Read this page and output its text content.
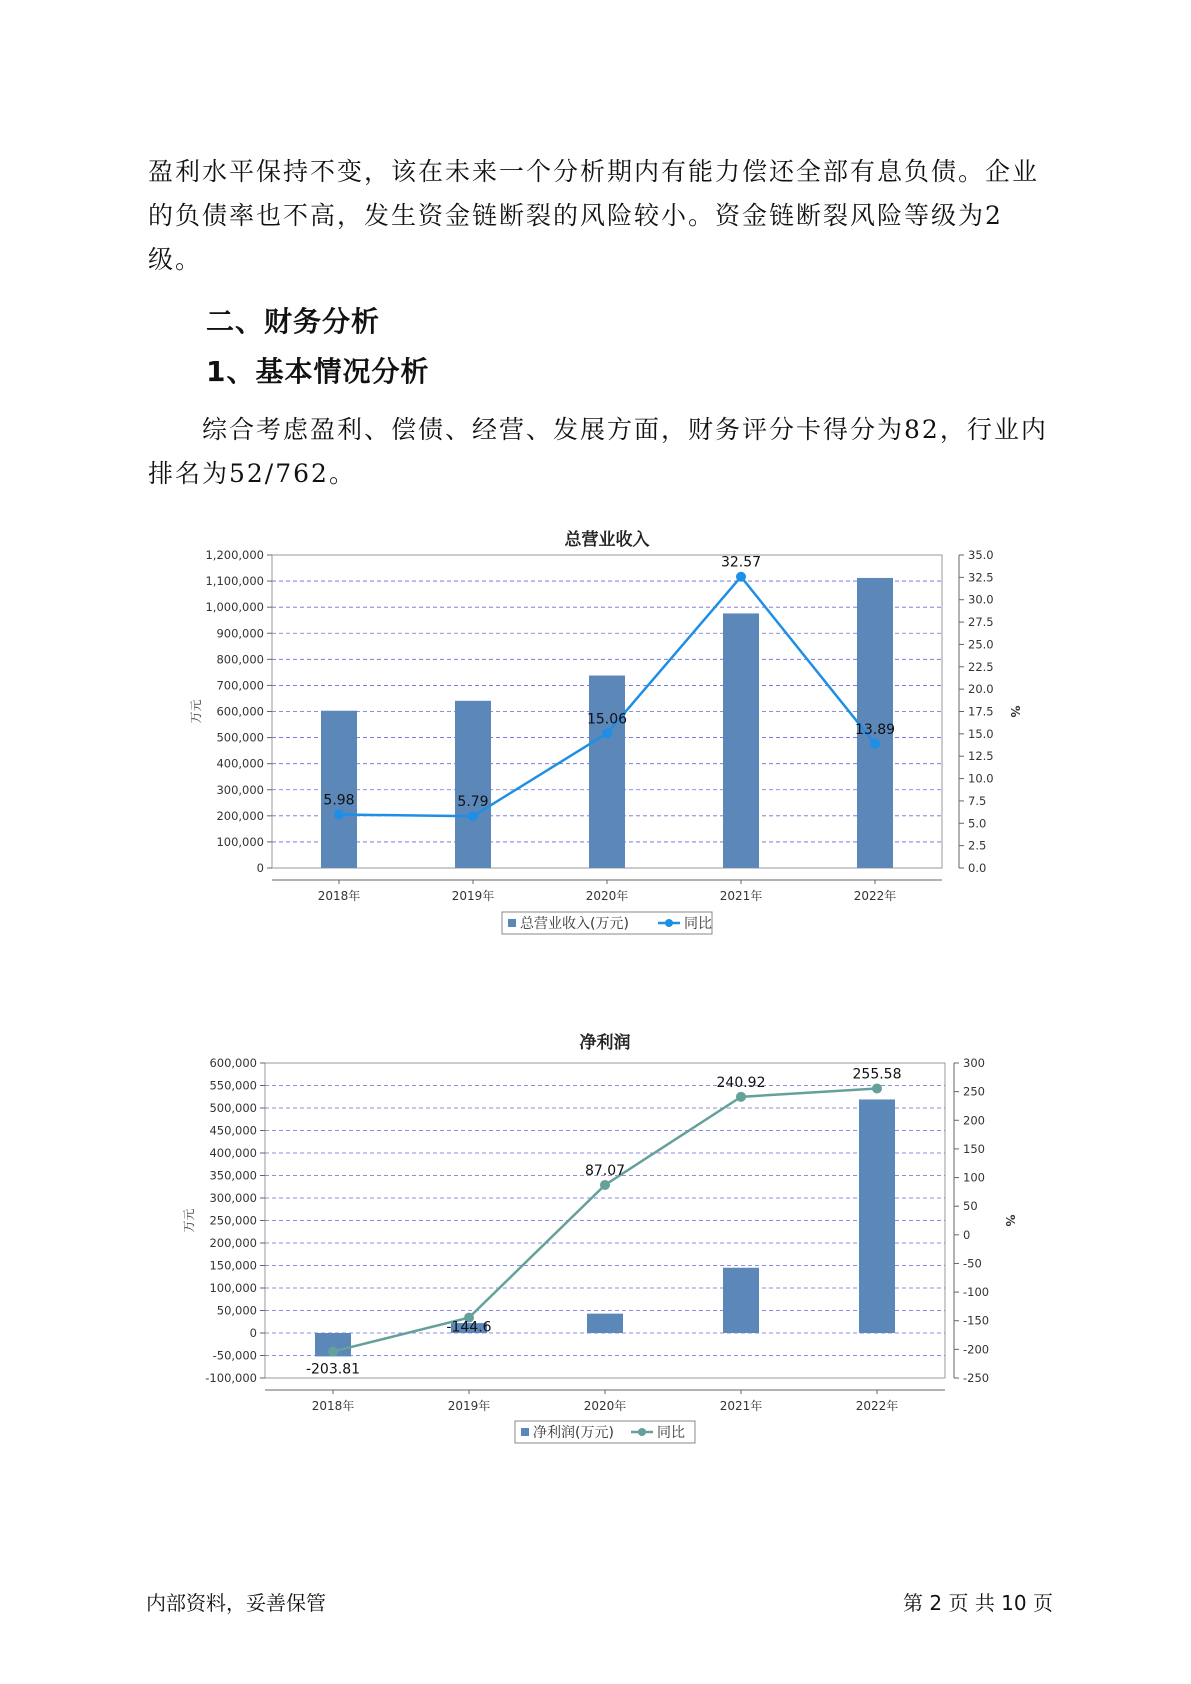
盈利水平保持不变，该在未来一个分析期内有能力偿还全部有息负债。企业的负债率也不高，发生资金链断裂的风险较小。资金链断裂风险等级为2级。

二、财务分析
1、基本情况分析

综合考虑盈利、偿债、经营、发展方面，财务评分卡得分为82，行业内排名为52/762。

总营业收入
0
100,000
200,000
300,000
400,000
500,000
600,000
700,000
800,000
900,000
1,000,000
1,100,000
1,200,000
0.0
2.5
5.0
7.5
10.0
12.5
15.0
17.5
20.0
22.5
25.0
27.5
30.0
32.5
35.0
万元	%
2018年	2019年	2020年	2021年	2022年
5.98	5.79
15.06
32.57
13.89
总营业收入(万元)	同比
净利润
-100,000
-50,000
0
50,000
100,000
150,000
200,000
250,000
300,000
350,000
400,000
450,000
500,000
550,000
600,000
-250
-200
-150
-100
-50
0
50
100
150
200
250
300
万元	%
2018年	2019年	2020年	2021年	2022年
-203.81
-144.6
87.07
240.92
255.58
净利润(万元)	同比
内部资料，妥善保管	第 2 页 共 10 页
